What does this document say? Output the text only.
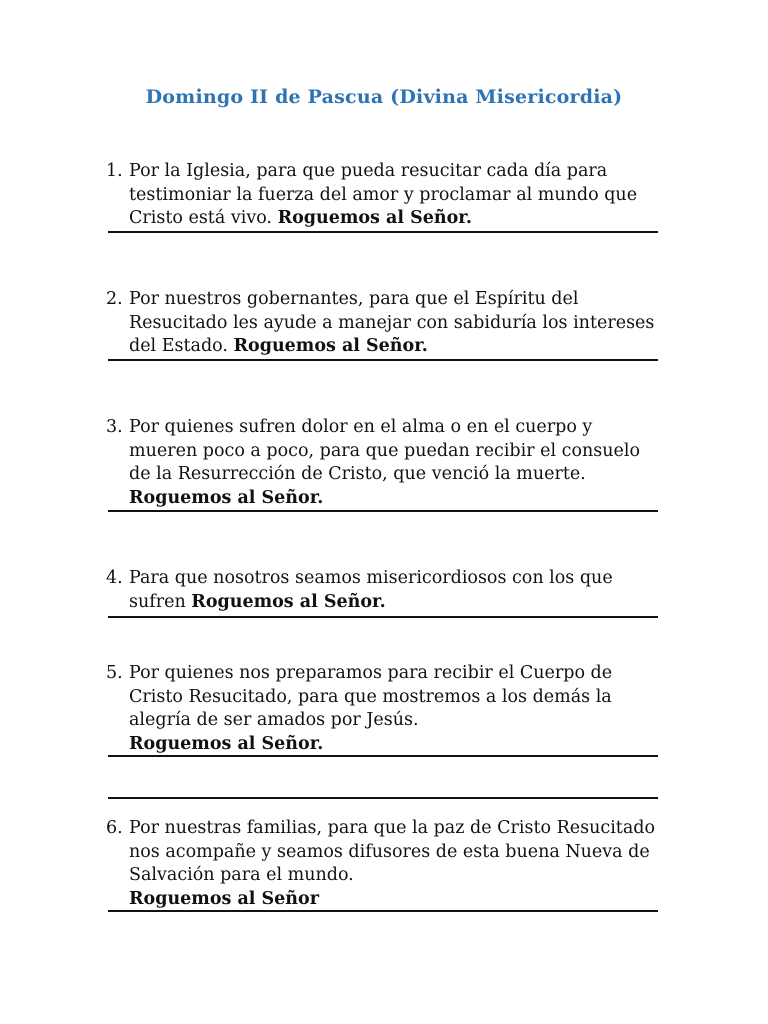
Domingo II de Pascua (Divina Misericordia)
1. Por la Iglesia, para que pueda resucitar cada día para testimoniar la fuerza del amor y proclamar al mundo que Cristo está vivo. Roguemos al Señor.
2. Por nuestros gobernantes, para que el Espíritu del Resucitado les ayude a manejar con sabiduría los intereses del Estado. Roguemos al Señor.
3. Por quienes sufren dolor en el alma o en el cuerpo y mueren poco a poco, para que puedan recibir el consuelo de la Resurrección de Cristo, que venció la muerte. Roguemos al Señor.
4. Para que nosotros seamos misericordiosos con los que sufren Roguemos al Señor.
5. Por quienes nos preparamos para recibir el Cuerpo de Cristo Resucitado, para que mostremos a los demás la alegría de ser amados por Jesús.
Roguemos al Señor.
6. Por nuestras familias, para que la paz de Cristo Resucitado nos acompañe y seamos difusores de esta buena Nueva de Salvación para el mundo.
Roguemos al Señor
